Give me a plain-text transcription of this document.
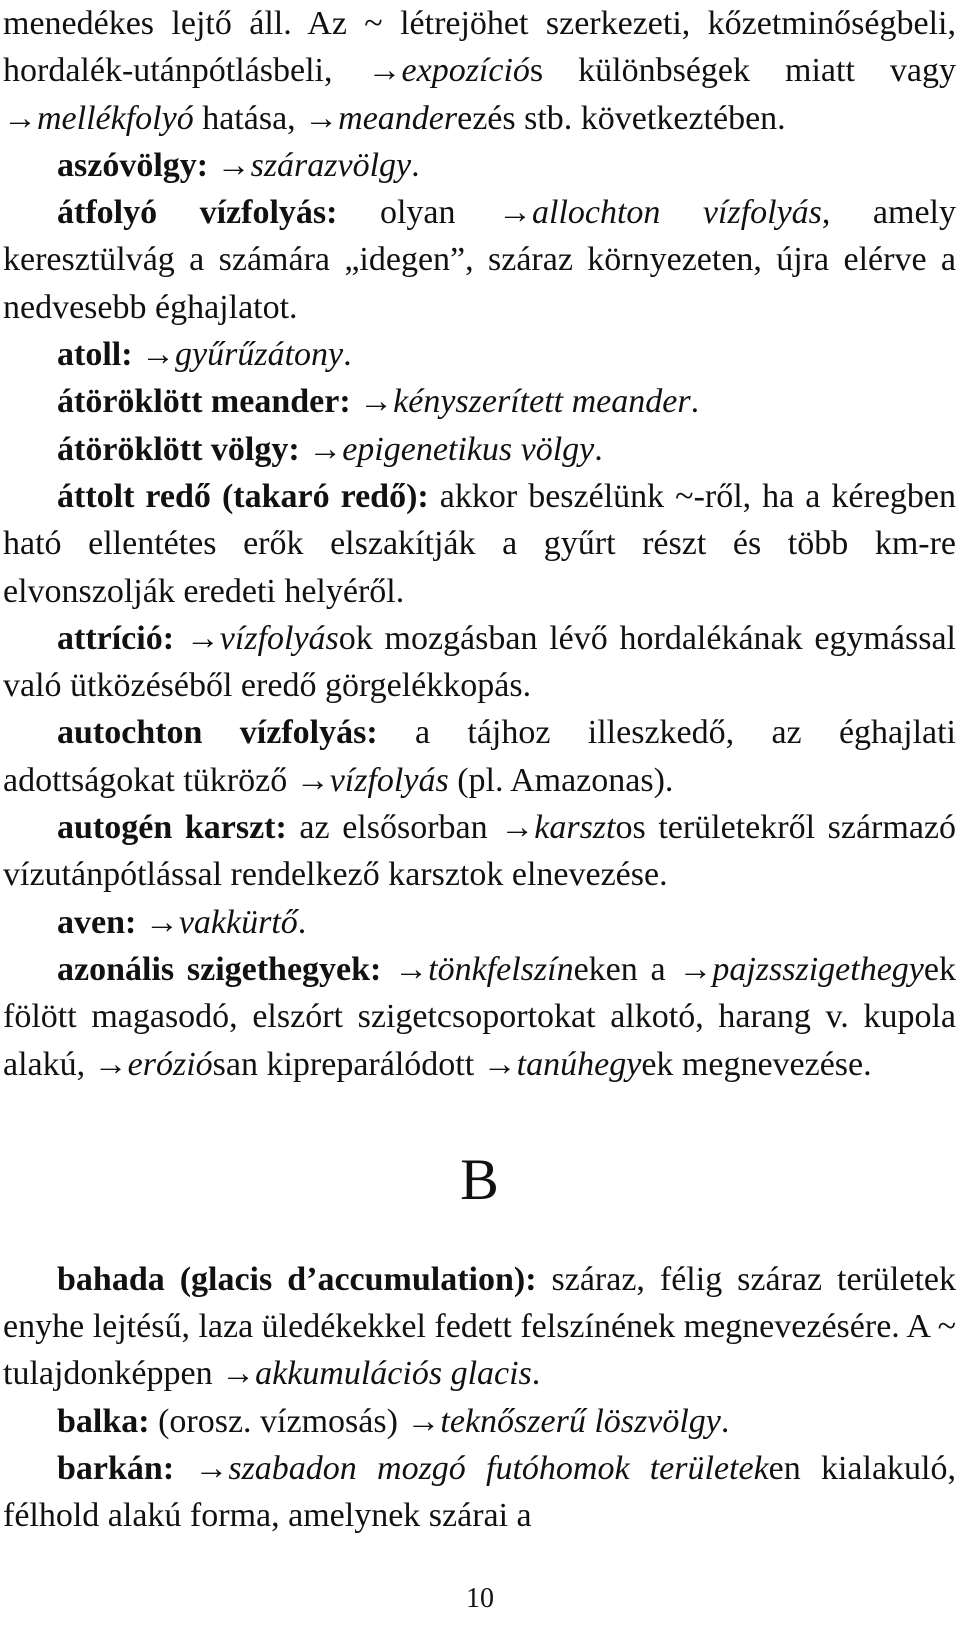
menedékes lejtő áll. Az ~ létrejöhet szerkezeti, kőzetminőségbeli, hordalék-utánpótlásbeli, →expozíciós különbségek miatt vagy →mellékfolyó hatása, →meanderezés stb. következtében.

aszóvölgy: →szárazvölgy.

átfolyó vízfolyás: olyan →allochton vízfolyás, amely keresztülvág a számára „idegen”, száraz környezeten, újra elérve a nedvesebb éghajlatot.

atoll: →gyűrűzátony.

átöröklött meander: →kényszerített meander.

átöröklött völgy: →epigenetikus völgy.

áttolt redő (takaró redő): akkor beszélünk ~-ről, ha a kéregben ható ellentétes erők elszakítják a gyűrt részt és több km-re elvonszolják eredeti helyéről.

attríció: →vízfolyások mozgásban lévő hordalékának egymással való ütközéséből eredő görgelékkopás.

autochton vízfolyás: a tájhoz illeszkedő, az éghajlati adottságokat tükröző →vízfolyás (pl. Amazonas).

autogén karszt: az elsősorban →karsztos területekről származó vízutánpótlással rendelkező karsztok elnevezése.

aven: →vakkürtő.

azonális szigethegyek: →tönkfelszíneken a →pajzsszigethegyek fölött magasodó, elszórt szigetcsoportokat alkotó, harang v. kupola alakú, →eróziósan kipreparálódott →tanúhegyek megnevezése.

B

bahada (glacis d’accumulation): száraz, félig száraz területek enyhe lejtésű, laza üledékekkel fedett felszínének megnevezésére. A ~ tulajdonképpen →akkumulációs glacis.

balka: (orosz. vízmosás) →teknőszerű löszvölgy.

barkán: →szabadon mozgó futóhomok területeken kialakuló, félhold alakú forma, amelynek szárai a

10
